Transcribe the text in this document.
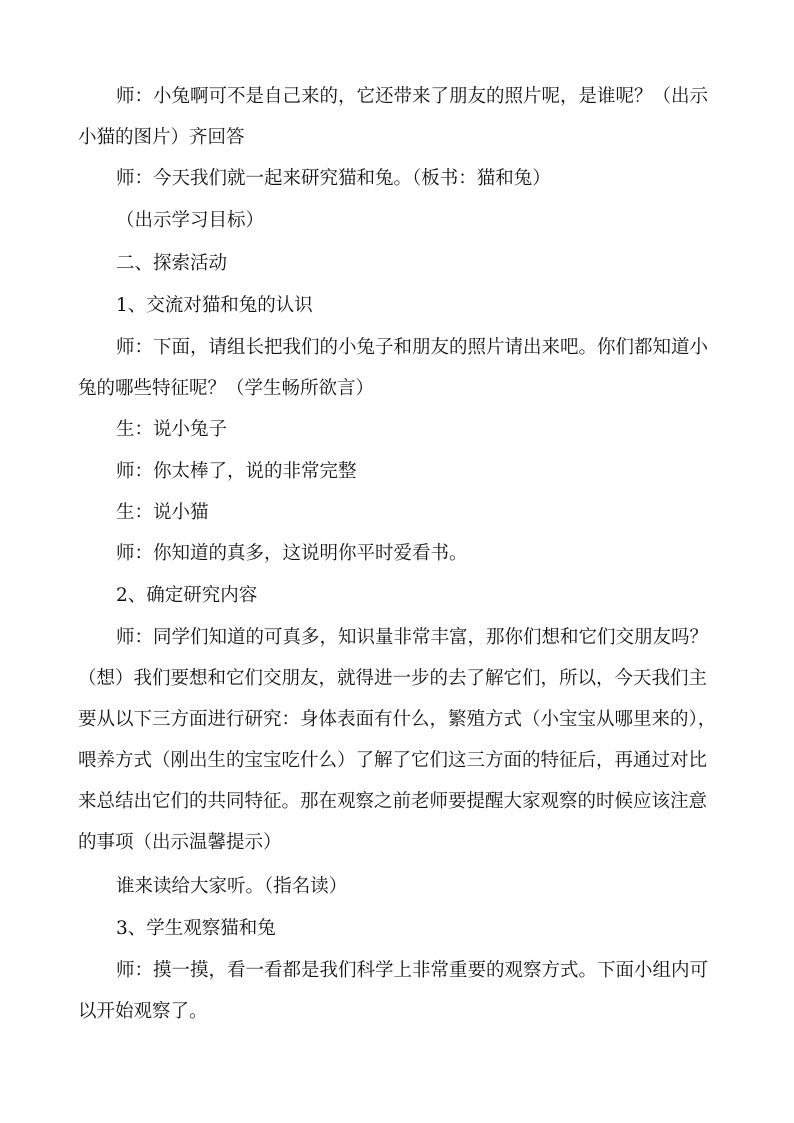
师：小兔啊可不是自己来的，它还带来了朋友的照片呢，是谁呢？（出示
小猫的图片）齐回答
师：今天我们就一起来研究猫和兔。（板书：猫和兔）
（出示学习目标）
二、探索活动
1、交流对猫和兔的认识
师：下面，请组长把我们的小兔子和朋友的照片请出来吧。你们都知道小
兔的哪些特征呢？（学生畅所欲言）
生：说小兔子
师：你太棒了，说的非常完整
生：说小猫
师：你知道的真多，这说明你平时爱看书。
2、确定研究内容
师：同学们知道的可真多，知识量非常丰富，那你们想和它们交朋友吗？
（想）我们要想和它们交朋友，就得进一步的去了解它们，所以，今天我们主
要从以下三方面进行研究：身体表面有什么，繁殖方式（小宝宝从哪里来的），
喂养方式（刚出生的宝宝吃什么）了解了它们这三方面的特征后，再通过对比
来总结出它们的共同特征。那在观察之前老师要提醒大家观察的时候应该注意
的事项（出示温馨提示）
谁来读给大家听。（指名读）
3、学生观察猫和兔
师：摸一摸，看一看都是我们科学上非常重要的观察方式。下面小组内可
以开始观察了。
